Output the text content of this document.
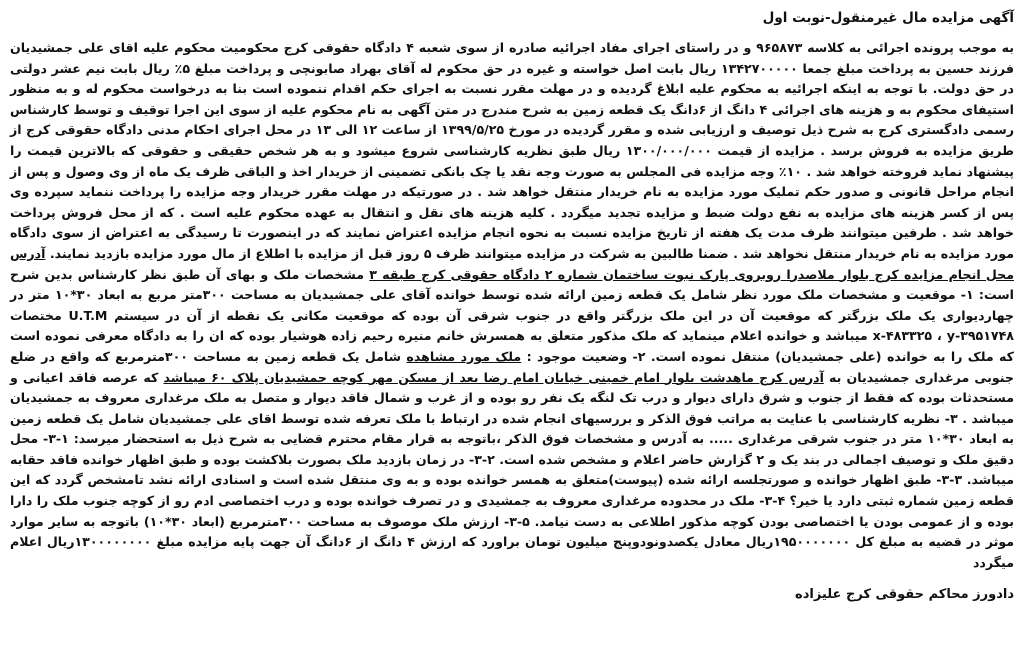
آگهی مزایده مال غیرمنقول-نوبت اول

به موجب پرونده اجرائی به کلاسه ۹۶۵۸۷۳ و در راستای اجرای مفاد اجرائیه صادره از سوی شعبه ۴ دادگاه حقوقی کرج محکومیت محکوم علیه اقای علی جمشیدیان فرزند حسین به پرداخت مبلغ جمعا ۱۳۴۲۷۰۰۰۰۰ ریال بابت اصل خواسته و غیره در حق محکوم له آقای بهراد صابونچی و پرداخت مبلغ ۵٪ ریال بابت نیم عشر دولتی در حق دولت. با توجه به اینکه اجرائیه به محکوم علیه ابلاغ گردیده و در مهلت مقرر نسبت به اجرای حکم اقدام ننموده است بنا به درخواست محکوم له و به منظور استیفای محکوم به و هزینه های اجرائی ۴ دانگ از ۶دانگ یک قطعه زمین به شرح مندرج در متن آگهی به نام محکوم علیه از سوی این اجرا توقیف و توسط کارشناس رسمی دادگستری کرج به شرح ذیل توصیف و ارزیابی شده و مقرر گردیده در مورخ ۱۳۹۹/۵/۲۵ از ساعت ۱۲ الی ۱۳ در محل اجرای احکام مدنی دادگاه حقوقی کرج از طریق مزایده به فروش برسد . مزایده از قیمت ۱۳۰۰/۰۰۰/۰۰۰ ریال طبق نظریه کارشناسی شروع میشود و به هر شخص حقیقی و حقوقی که بالاترین قیمت را پیشنهاد نماید فروخته خواهد شد . ۱۰٪ وجه مزایده فی المجلس به صورت وجه نقد یا چک بانکی تضمینی از خریدار اخذ و الباقی ظرف یک ماه از وی وصول و پس از انجام مراحل قانونی و صدور حکم تملیک مورد مزایده به نام خریدار منتقل خواهد شد . در صورتیکه در مهلت مقرر خریدار وجه مزایده را پرداخت ننماید سپرده وی پس از کسر هزینه های مزایده به نفع دولت ضبط و مزایده تجدید میگردد . کلیه هزینه های نقل و انتقال به عهده محکوم علیه است . که از محل فروش پرداخت خواهد شد . طرفین میتوانند ظرف مدت یک هفته از تاریخ مزایده نسبت به نحوه انجام مزایده اعتراض نمایند که در اینصورت تا رسیدگی به اعتراض از سوی دادگاه مورد مزایده به نام خریدار منتقل نخواهد شد . ضمنا طالبین به شرکت در مزایده میتوانند ظرف ۵ روز قبل از مزایده با اطلاع از مال مورد مزایده بازدید نمایند. آدرس محل انجام مزایده کرج بلوار ملاصدرا روبروی پارک نبوت ساختمان شماره ۲ دادگاه حقوقی کرج طبقه ۳ مشخصات ملک و بهای آن طبق نظر کارشناس بدین شرح است: ۱- موقعیت و مشخصات ملک مورد نظر شامل یک قطعه زمین ارائه شده توسط خوانده آقای علی جمشیدیان به مساحت ۳۰۰متر مربع به ابعاد ۳۰*۱۰ متر در چهاردیواری یک ملک بزرگتر که موقعیت آن در این ملک بزرگتر واقع در جنوب شرقی آن بوده که موقعیت مکانی یک نقطه از آن در سیستم U.T.M مختصات x-۴۸۳۳۲۵ ، y-۳۹۵۱۷۴۸ میباشد و خوانده اعلام مینماید که ملک مذکور متعلق به همسرش خانم منیره رحیم زاده هوشیار بوده که ان را به دادگاه معرفی نموده است که ملک را به خوانده (علی جمشیدیان) منتقل نموده است. ۲- وضعیت موجود : ملک مورد مشاهده شامل یک قطعه زمین به مساحت ۳۰۰مترمربع که واقع در ضلع جنوبی مرغداری جمشیدیان به آدرس کرج ماهدشت بلوار امام خمینی خیابان امام رضا بعد از مسکن مهر کوچه جمشیدیان پلاک ۶۰ میباشد که عرصه فاقد اعیانی و مستحدثات بوده که فقط از جنوب و شرق دارای دیوار و درب تک لنگه یک نفر رو بوده و از غرب و شمال فاقد دیوار و متصل به ملک مرغداری معروف به جمشیدیان میباشد . ۳- نظریه کارشناسی با عنایت به مراتب فوق الذکر و بررسیهای انجام شده در ارتباط با ملک تعرفه شده توسط اقای علی جمشیدیان شامل یک قطعه زمین به ابعاد ۳۰*۱۰ متر در جنوب شرقی مرغداری ..... به آدرس و مشخصات فوق الذکر ،باتوجه به قرار مقام محترم قضایی به شرح ذیل به استحضار میرسد: ۱-۳- محل دقیق ملک و توصیف اجمالی در بند یک و ۲ گزارش حاضر اعلام و مشخص شده است. ۲-۳- در زمان بازدید ملک بصورت بلاکشت بوده و طبق اظهار خوانده فاقد حقابه میباشد. ۳-۳- طبق اظهار خوانده و صورتجلسه ارائه شده (پیوست)متعلق به همسر خوانده بوده و به وی منتقل شده است و اسنادی ارائه نشد تامشخص گردد که این قطعه زمین شماره ثبتی دارد یا خیر؟ ۴-۳- ملک در محدوده مرغداری معروف به جمشیدی و در تصرف خوانده بوده و درب اختصاصی ادم رو از کوچه جنوب ملک را دارا بوده و از عمومی بودن یا اختصاصی بودن کوچه مذکور اطلاعی به دست نیامد. ۵-۳- ارزش ملک موصوف به مساحت ۳۰۰مترمربع (ابعاد ۳۰*۱۰) باتوجه به سایر موارد موثر در قضیه به مبلغ کل ۱۹۵۰۰۰۰۰۰۰ریال معادل یکصدونودوپنج میلیون تومان براورد که ارزش ۴ دانگ از ۶دانگ آن جهت پایه مزایده مبلغ ۱۳۰۰۰۰۰۰۰۰ریال اعلام میگردد

دادورز محاکم حقوقی کرج علیزاده
